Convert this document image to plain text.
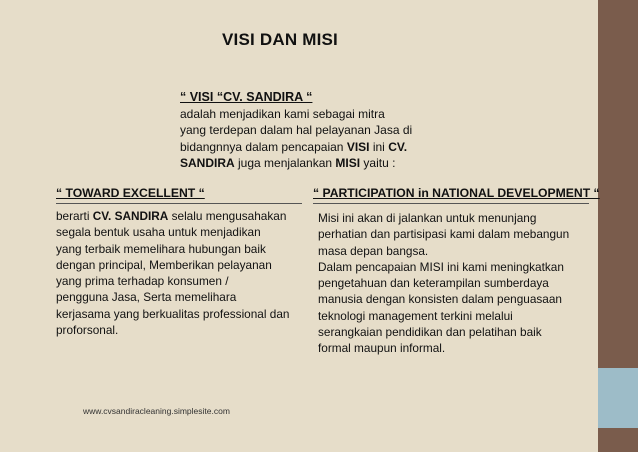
VISI DAN MISI
“ VISI “CV. SANDIRA “
adalah menjadikan kami sebagai mitra
yang terdepan dalam hal pelayanan Jasa di
bidangnnya dalam pencapaian VISI ini CV.
SANDIRA juga menjalankan MISI yaitu :
“ TOWARD EXCELLENT “
berarti CV. SANDIRA selalu mengusahakan
segala bentuk usaha untuk menjadikan
yang terbaik memelihara hubungan baik
dengan principal, Memberikan pelayanan
yang prima terhadap konsumen /
pengguna Jasa, Serta memelihara
kerjasama yang berkualitas professional dan
proforsonal.
“ PARTICIPATION in NATIONAL DEVELOPMENT “
Misi ini akan di jalankan untuk menunjang
perhatian dan partisipasi kami dalam mebangun
masa depan bangsa.
Dalam pencapaian MISI ini kami meningkatkan
pengetahuan dan keterampilan sumberdaya
manusia dengan konsisten dalam penguasaan
teknologi management terkini melalui
serangkaian pendidikan dan pelatihan baik
formal maupun informal.
www.cvsandiracleaning.simplesite.com
